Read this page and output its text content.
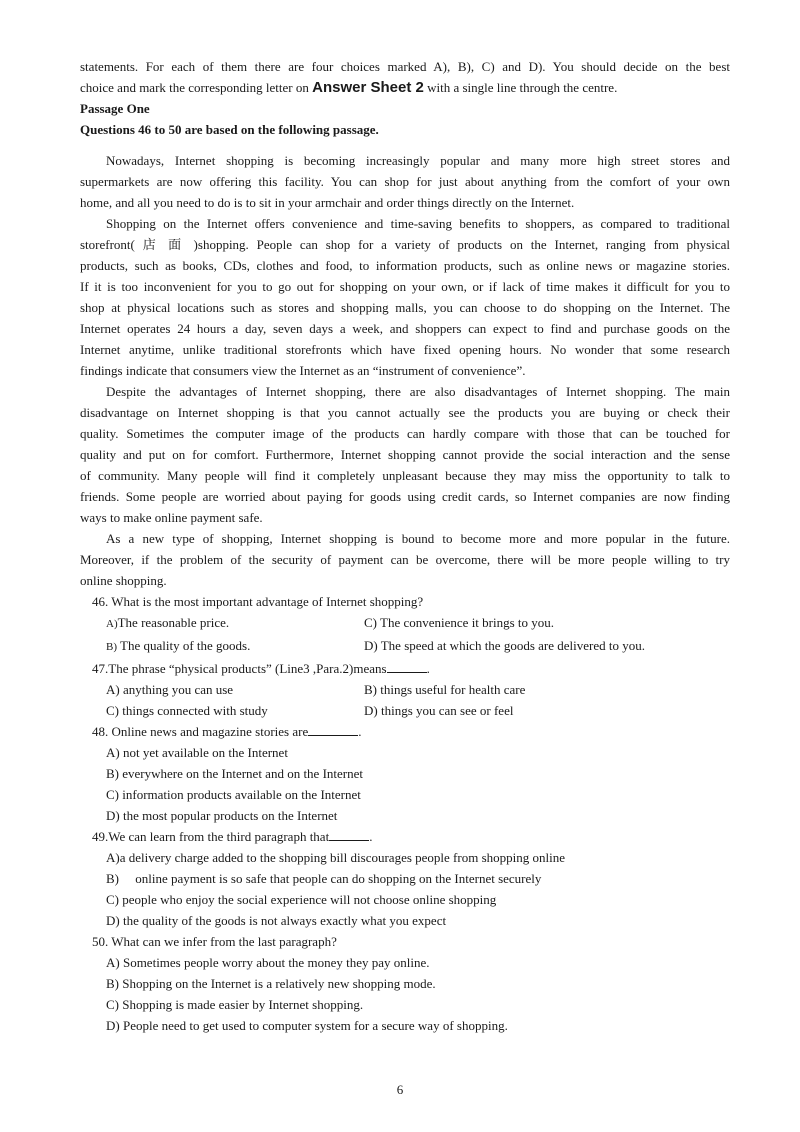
statements. For each of them there are four choices marked A), B), C) and D). You should decide on the best
choice and mark the corresponding letter on Answer Sheet 2 with a single line through the centre.
Passage One
Questions 46 to 50 are based on the following passage.
Nowadays, Internet shopping is becoming increasingly popular and many more high street stores and
supermarkets are now offering this facility. You can shop for just about anything from the comfort of your own
home, and all you need to do is to sit in your armchair and order things directly on the Internet.
Shopping on the Internet offers convenience and time-saving benefits to shoppers, as compared to traditional
storefront( 店 面 )shopping. People can shop for a variety of products on the Internet, ranging from physical
products, such as books, CDs, clothes and food, to information products, such as online news or magazine stories.
If it is too inconvenient for you to go out for shopping on your own, or if lack of time makes it difficult for you to
shop at physical locations such as stores and shopping malls, you can choose to do shopping on the Internet. The
Internet operates 24 hours a day, seven days a week, and shoppers can expect to find and purchase goods on the
Internet anytime, unlike traditional storefronts which have fixed opening hours. No wonder that some research
findings indicate that consumers view the Internet as an “instrument of convenience”.
Despite the advantages of Internet shopping, there are also disadvantages of Internet shopping. The main
disadvantage on Internet shopping is that you cannot actually see the products you are buying or check their
quality. Sometimes the computer image of the products can hardly compare with those that can be touched for
quality and put on for comfort. Furthermore, Internet shopping cannot provide the social interaction and the sense
of community. Many people will find it completely unpleasant because they may miss the opportunity to talk to
friends. Some people are worried about paying for goods using credit cards, so Internet companies are now finding
ways to make online payment safe.
As a new type of shopping, Internet shopping is bound to become more and more popular in the future.
Moreover, if the problem of the security of payment can be overcome, there will be more people willing to try
online shopping.
46. What is the most important advantage of Internet shopping?
A)The reasonable price.	C) The convenience it brings to you.
B) The quality of the goods.	D) The speed at which the goods are delivered to you.
47.The phrase “physical products” (Line3 ,Para.2)means	.
A) anything you can use	B) things useful for health care
C) things connected with study	D) things you can see or feel
48. Online news and magazine stories are	.
A) not yet available on the Internet
B) everywhere on the Internet and on the Internet
C) information products available on the Internet
D) the most popular products on the Internet
49.We can learn from the third paragraph that	.
A)a delivery charge added to the shopping bill discourages people from shopping online
B)     online payment is so safe that people can do shopping on the Internet securely
C) people who enjoy the social experience will not choose online shopping
D) the quality of the goods is not always exactly what you expect
50. What can we infer from the last paragraph?
A) Sometimes people worry about the money they pay online.
B) Shopping on the Internet is a relatively new shopping mode.
C) Shopping is made easier by Internet shopping.
D) People need to get used to computer system for a secure way of shopping.
6
